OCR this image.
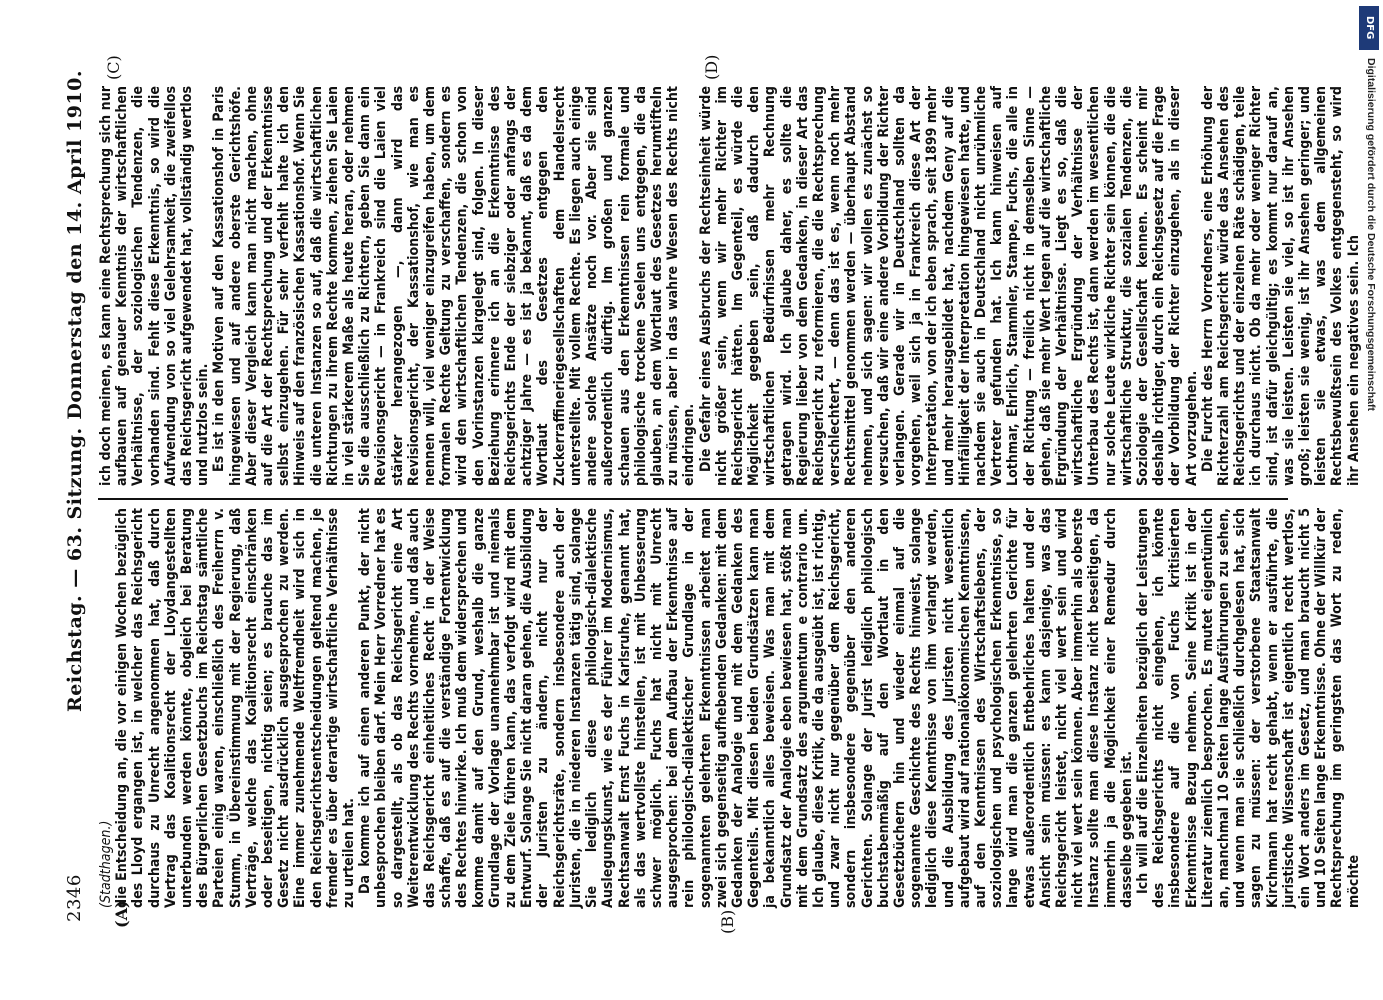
2346
Reichstag. — 63. Sitzung.
Donnerstag den 14. April 1910.
(A)	(B)
(C)	(D)

(Stadthagen.) die Entscheidung an, die vor einigen Wochen bezüglich des Lloyd ergangen ist, in welcher das Reichsgericht durchaus zu Unrecht angenommen hat, daß durch Vertrag das Koalitionsrecht der Lloydangestellten unterbunden werden könnte, obgleich bei Beratung des Bürgerlichen Gesetzbuchs im Reichstag sämtliche Parteien einig waren, einschließlich des Freiherrn v. Stumm, in Übereinstimmung mit der Regierung, daß Verträge, welche das Koalitionsrecht einschränken oder beseitigen, nichtig seien; es brauche das im Gesetz nicht ausdrücklich ausgesprochen zu werden. Eine immer zunehmende Weltfremdheit wird sich in den Reichsgerichtsentscheidungen geltend machen, je fremder es über derartige wirtschaftliche Verhältnisse zu urteilen hat. Da komme ich auf einen anderen Punkt, der nicht unbesprochen bleiben darf. Mein Herr Vorredner hat es so dargestellt, als ob das Reichsgericht eine Art Weiterentwicklung des Rechts vornehme, und daß auch das Reichsgericht einheitliches Recht in der Weise schaffe, daß es auf die verständige Fortentwicklung des Rechtes hinwirke. Ich muß dem widersprechen und komme damit auf den Grund, weshalb die ganze Grundlage der Vorlage unannehmbar ist und niemals zu dem Ziele führen kann, das verfolgt wird mit dem Entwurf. Solange Sie nicht daran gehen, die Ausbildung der Juristen zu ändern, nicht nur der Reichsgerichtsräte, sondern insbesondere auch der Juristen, die in niederen Instanzen tätig sind, solange Sie lediglich diese philologisch-dialektische Auslegungskunst, wie es der Führer im Modernismus, Rechtsanwalt Ernst Fuchs in Karlsruhe, genannt hat, als das wertvollste hinstellen, ist mit Unbesserung schwer möglich. Fuchs hat nicht mit Unrecht ausgesprochen: bei dem Aufbau der Erkenntnisse auf rein philologisch-dialektischer Grundlage in der sogenannten gelehrten Erkenntnissen arbeitet man zwei sich gegenseitig aufhebenden Gedanken: mit dem Gedanken der Analogie und mit dem Gedanken des Gegenteils. Mit diesen beiden Grundsätzen kann man ja bekanntlich alles beweisen. Was man mit dem Grundsatz der Analogie eben bewiesen hat, stößt man mit dem Grundsatz des argumentum e contrario um. Ich glaube, diese Kritik, die da ausgeübt ist, ist richtig, und zwar nicht nur gegenüber dem Reichsgericht, sondern insbesondere gegenüber den anderen Gerichten. Solange der Jurist lediglich philologisch buchstabenmäßig auf den Wortlaut in den Gesetzbüchern hin und wieder einmal auf die sogenannte Geschichte des Rechts hinweist, solange lediglich diese Kenntnisse von ihm verlangt werden, und die Ausbildung des Juristen nicht wesentlich aufgebaut wird auf nationalökonomischen Kenntnissen, auf den Kenntnissen des Wirtschaftslebens, der soziologischen und psychologischen Erkenntnisse, so lange wird man die ganzen gelehrten Gerichte für etwas außerordentlich Entbehrliches halten und der Ansicht sein müssen: es kann dasjenige, was das Reichsgericht leistet, nicht viel wert sein und wird nicht viel wert sein können. Aber immerhin als oberste Instanz sollte man diese Instanz nicht beseitigen, da immerhin ja die Möglichkeit einer Remedur durch dasselbe gegeben ist. Ich will auf die Einzelheiten bezüglich der Leistungen des Reichsgerichts nicht eingehen, ich könnte insbesondere auf die von Fuchs kritisierten Erkenntnisse Bezug nehmen. Seine Kritik ist in der Literatur ziemlich besprochen. Es mutet eigentümlich an, manchmal 10 Seiten lange Ausführungen zu sehen, und wenn man sie schließlich durchgelesen hat, sich sagen zu müssen: der verstorbene Staatsanwalt Kirchmann hat recht gehabt, wenn er ausführte, die juristische Wissenschaft ist eigentlich recht wertlos, ein Wort anders im Gesetz, und man braucht nicht 5 und 10 Seiten lange Erkenntnisse. Ohne der Willkür der Rechtsprechung im geringsten das Wort zu reden, möchte

ich doch meinen, es kann eine Rechtsprechung sich nur aufbauen auf genauer Kenntnis der wirtschaftlichen Verhältnisse, der soziologischen Tendenzen, die vorhanden sind. Fehlt diese Erkenntnis, so wird die Aufwendung von so viel Gelehrsamkeit, die zweifellos das Reichsgericht aufgewendet hat, vollständig wertlos und nutzlos sein. Es ist in den Motiven auf den Kassationshof in Paris hingewiesen und auf andere oberste Gerichtshöfe. Aber dieser Vergleich kann man nicht machen, ohne auf die Art der Rechtsprechung und der Erkenntnisse selbst einzugehen. Für sehr verfehlt halte ich den Hinweis auf den französischen Kassationshof. Wenn Sie die unteren Instanzen so auf, daß die wirtschaftlichen Richtungen zu ihrem Rechte kommen, ziehen Sie Laien in viel stärkerem Maße als heute heran, oder nehmen Sie die ausschließlich zu Richtern, geben Sie dann ein Revisionsgericht — in Frankreich sind die Laien viel stärker herangezogen —, dann wird das Revisionsgericht, der Kassationshof, wie man es nennen will, viel weniger einzugreifen haben, um dem formalen Rechte Geltung zu verschaffen, sondern es wird den wirtschaftlichen Tendenzen, die schon von den Vorinstanzen klargelegt sind, folgen. In dieser Beziehung erinnere ich an die Erkenntnisse des Reichsgerichts Ende der siebziger oder anfangs der achtziger Jahre — es ist ja bekannt, daß es da dem Wortlaut des Gesetzes entgegen den Zuckerraffineriegesellschaften dem Handelsrecht unterstellte. Mit vollem Rechte. Es liegen auch einige andere solche Ansätze noch vor. Aber sie sind außerordentlich dürftig. Im großen und ganzen schauen aus den Erkenntnissen rein formale und philologische trockene Seelen uns entgegen, die da glauben, an dem Wortlaut des Gesetzes herumtifteln zu müssen, aber in das wahre Wesen des Rechts nicht eindringen. Die Gefahr eines Ausbruchs der Rechtseinheit würde nicht größer sein, wenn wir mehr Richter im Reichsgericht hätten. Im Gegenteil, es würde die Möglichkeit gegeben sein, daß dadurch den wirtschaftlichen Bedürfnissen mehr Rechnung getragen wird. Ich glaube daher, es sollte die Regierung lieber von dem Gedanken, in dieser Art das Reichsgericht zu reformieren, die die Rechtsprechung verschlechtert, — denn das ist es, wenn noch mehr Rechtsmittel genommen werden — überhaupt Abstand nehmen, und sich sagen: wir wollen es zunächst so versuchen, daß wir eine andere Vorbildung der Richter verlangen. Gerade wir in Deutschland sollten da vorgehen, weil sich ja in Frankreich diese Art der Interpretation, von der ich eben sprach, seit 1899 mehr und mehr herausgebildet hat, nachdem Geny auf die Hinfälligkeit der Interpretation hingewiesen hatte, und nachdem sie auch in Deutschland nicht unrühmliche Vertreter gefunden hat. Ich kann hinweisen auf Lothmar, Ehrlich, Stammler, Stampe, Fuchs, die alle in der Richtung — freilich nicht in demselben Sinne — gehen, daß sie mehr Wert legen auf die wirtschaftliche Ergründung der Verhältnisse. Liegt es so, daß die wirtschaftliche Ergründung der Verhältnisse der Unterbau des Rechts ist, dann werden im wesentlichen nur solche Leute wirkliche Richter sein können, die die wirtschaftliche Struktur, die sozialen Tendenzen, die Soziologie der Gesellschaft kennen. Es scheint mir deshalb richtiger, durch ein Reichsgesetz auf die Frage der Vorbildung der Richter einzugehen, als in dieser Art vorzugehen. Die Furcht des Herrn Vorredners, eine Erhöhung der Richterzahl am Reichsgericht würde das Ansehen des Reichsgerichts und der einzelnen Räte schädigen, teile ich durchaus nicht. Ob da mehr oder weniger Richter sind, ist dafür gleichgültig; es kommt nur darauf an, was sie leisten. Leisten sie viel, so ist ihr Ansehen groß; leisten sie wenig, ist ihr Ansehen geringer; und leisten sie etwas, was dem allgemeinen Rechtsbewußtsein des Volkes entgegensteht, so wird ihr Ansehen ein negatives sein. Ich

DFG
Digitalisierung gefördert durch die Deutsche Forschungsgemeinschaft
